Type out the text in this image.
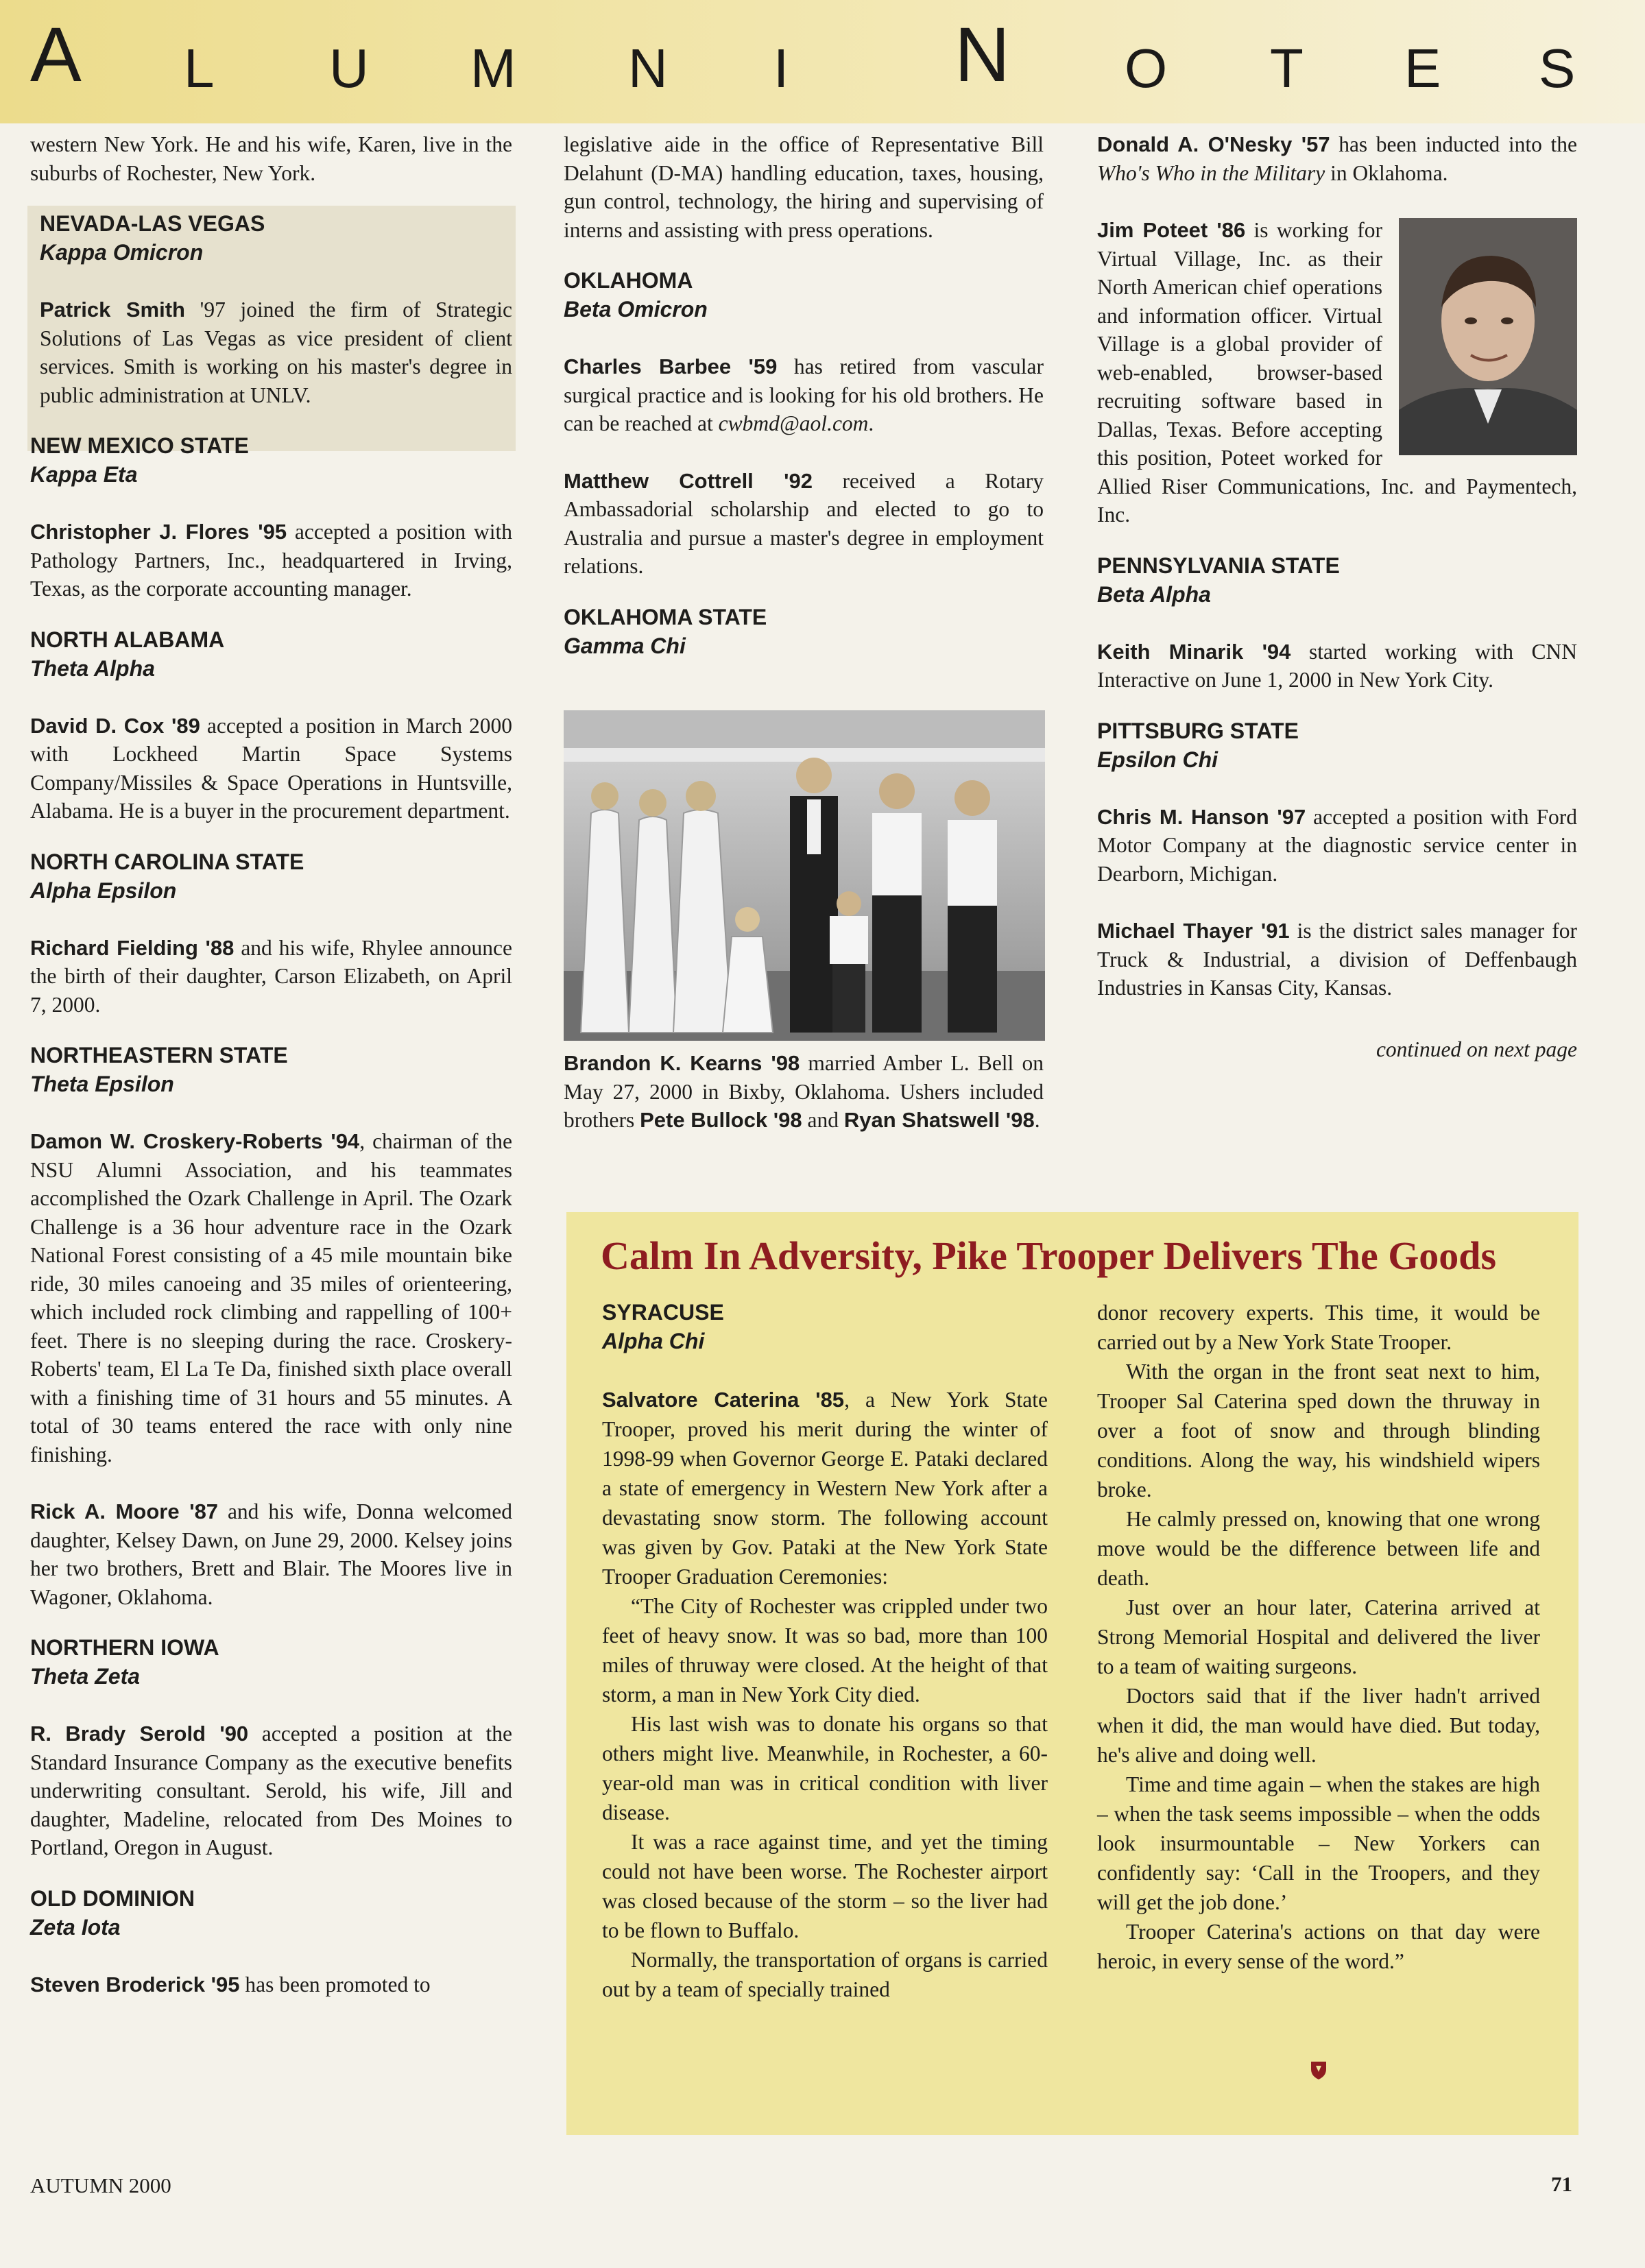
A L U M N I N O T E S

western New York. He and his wife, Karen, live in the suburbs of Rochester, New York.

NEVADA-LAS VEGAS
Kappa Omicron

Patrick Smith '97 joined the firm of Strategic Solutions of Las Vegas as vice president of client services. Smith is working on his master's degree in public administration at UNLV.

NEW MEXICO STATE
Kappa Eta

Christopher J. Flores '95 accepted a position with Pathology Partners, Inc., headquartered in Irving, Texas, as the corporate accounting manager.

NORTH ALABAMA
Theta Alpha

David D. Cox '89 accepted a position in March 2000 with Lockheed Martin Space Systems Company/Missiles & Space Operations in Huntsville, Alabama. He is a buyer in the procurement department.

NORTH CAROLINA STATE
Alpha Epsilon

Richard Fielding '88 and his wife, Rhylee announce the birth of their daughter, Carson Elizabeth, on April 7, 2000.

NORTHEASTERN STATE
Theta Epsilon

Damon W. Croskery-Roberts '94, chairman of the NSU Alumni Association, and his teammates accomplished the Ozark Challenge in April. The Ozark Challenge is a 36 hour adventure race in the Ozark National Forest consisting of a 45 mile mountain bike ride, 30 miles canoeing and 35 miles of orienteering, which included rock climbing and rappelling of 100+ feet. There is no sleeping during the race. Croskery-Roberts' team, El La Te Da, finished sixth place overall with a finishing time of 31 hours and 55 minutes. A total of 30 teams entered the race with only nine finishing.

Rick A. Moore '87 and his wife, Donna welcomed daughter, Kelsey Dawn, on June 29, 2000. Kelsey joins her two brothers, Brett and Blair. The Moores live in Wagoner, Oklahoma.

NORTHERN IOWA
Theta Zeta

R. Brady Serold '90 accepted a position at the Standard Insurance Company as the executive benefits underwriting consultant. Serold, his wife, Jill and daughter, Madeline, relocated from Des Moines to Portland, Oregon in August.

OLD DOMINION
Zeta Iota

Steven Broderick '95 has been promoted to

legislative aide in the office of Representative Bill Delahunt (D-MA) handling education, taxes, housing, gun control, technology, the hiring and supervising of interns and assisting with press operations.

OKLAHOMA
Beta Omicron

Charles Barbee '59 has retired from vascular surgical practice and is looking for his old brothers. He can be reached at cwbmd@aol.com.

Matthew Cottrell '92 received a Rotary Ambassadorial scholarship and elected to go to Australia and pursue a master's degree in employment relations.

OKLAHOMA STATE
Gamma Chi

Brandon K. Kearns '98 married Amber L. Bell on May 27, 2000 in Bixby, Oklahoma. Ushers included brothers Pete Bullock '98 and Ryan Shatswell '98.

Donald A. O'Nesky '57 has been inducted into the Who's Who in the Military in Oklahoma.

Jim Poteet '86 is working for Virtual Village, Inc. as their North American chief operations and information officer. Virtual Village is a global provider of web-enabled, browser-based recruiting software based in Dallas, Texas. Before accepting this position, Poteet worked for Allied Riser Communications, Inc. and Paymentech, Inc.

PENNSYLVANIA STATE
Beta Alpha

Keith Minarik '94 started working with CNN Interactive on June 1, 2000 in New York City.

PITTSBURG STATE
Epsilon Chi

Chris M. Hanson '97 accepted a position with Ford Motor Company at the diagnostic service center in Dearborn, Michigan.

Michael Thayer '91 is the district sales manager for Truck & Industrial, a division of Deffenbaugh Industries in Kansas City, Kansas.

continued on next page

Calm In Adversity, Pike Trooper Delivers The Goods
SYRACUSE
Alpha Chi

Salvatore Caterina '85, a New York State Trooper, proved his merit during the winter of 1998-99 when Governor George E. Pataki declared a state of emergency in Western New York after a devastating snow storm. The following account was given by Gov. Pataki at the New York State Trooper Graduation Ceremonies:

“The City of Rochester was crippled under two feet of heavy snow. It was so bad, more than 100 miles of thruway were closed. At the height of that storm, a man in New York City died.

His last wish was to donate his organs so that others might live. Meanwhile, in Rochester, a 60-year-old man was in critical condition with liver disease.

It was a race against time, and yet the timing could not have been worse. The Rochester airport was closed because of the storm – so the liver had to be flown to Buffalo.

Normally, the transportation of organs is carried out by a team of specially trained

donor recovery experts. This time, it would be carried out by a New York State Trooper.

With the organ in the front seat next to him, Trooper Sal Caterina sped down the thruway in over a foot of snow and through blinding conditions. Along the way, his windshield wipers broke.

He calmly pressed on, knowing that one wrong move would be the difference between life and death.

Just over an hour later, Caterina arrived at Strong Memorial Hospital and delivered the liver to a team of waiting surgeons.

Doctors said that if the liver hadn't arrived when it did, the man would have died. But today, he's alive and doing well.

Time and time again – when the stakes are high – when the task seems impossible – when the odds look insurmountable – New Yorkers can confidently say: ‘Call in the Troopers, and they will get the job done.’

Trooper Caterina's actions on that day were heroic, in every sense of the word.”

AUTUMN 2000	71
